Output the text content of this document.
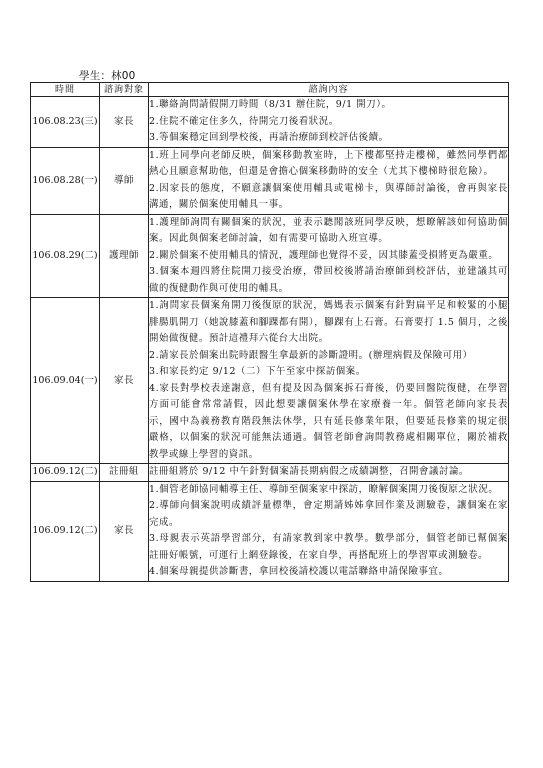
學生：林00
時間	諮詢對象	諮詢內容
106.08.23(三)	家長	1.聯絡詢問請假開刀時間（8/31 辦住院，9/1 開刀）。
2.住院不確定住多久，待開完刀後看狀況。
3.等個案穩定回到學校後，再請治療師到校評估後續。

106.08.28(一)	導師	1.班上同學向老師反映，個案移動教室時，上下樓都堅持走樓梯，雖然同學們都熱心且願意幫助他，但還是會擔心個案移動時的安全（尤其下樓梯時很危險）。
2.因家長的態度，不願意讓個案使用輔具或電梯卡，與導師討論後，會再與家長溝通，關於個案使用輔具一事。

106.08.29(二)	護理師	1.護理師詢問有關個案的狀況，並表示聽聞該班同學反映，想瞭解該如何協助個案。因此與個案老師討論，如有需要可協助入班宣導。
2.關於個案不使用輔具的情況，護理師也覺得不妥，因其膝蓋受損將更為嚴重。
3.個案本週四將住院開刀接受治療，帶回校後將請治療師到校評估，並建議其可做的復健動作與可使用的輔具。

106.09.04(一)	家長	1.詢問家長個案角開刀後復原的狀況，媽媽表示個案有針對扁平足和較緊的小腿腓腸肌開刀（她說膝蓋和腳踝都有開），腳踝有上石膏。石膏要打 1.5 個月，之後開始做復健。預計這禮拜六從台大出院。
2.請家長於個案出院時跟醫生拿最新的診斷證明。(辦理病假及保險可用）
3.和家長約定 9/12（二）下午至家中探訪個案。
4.家長對學校表達謝意，但有提及因為個案拆石膏後，仍要回醫院復健，在學習方面可能會常常請假，因此想要讓個案休學在家療養一年。個管老師向家長表示，國中為義務教育階段無法休學，只有延長修業年限，但要延長修業的規定很嚴格，以個案的狀況可能無法通過。個管老師會詢問教務處相關單位，關於補救教學或線上學習的資訊。

106.09.12(二)	註冊組	註冊組將於 9/12 中午針對個案請長期病假之成績調整，召開會議討論。

106.09.12(二)	家長	1.個管老師協同輔導主任、導師至個案家中探訪，瞭解個案開刀後復原之狀況。
2.導師向個案說明成績評量標準，會定期請姊姊拿回作業及測驗卷，讓個案在家完成。
3.母親表示英語學習部分，有請家教到家中教學。數學部分，個管老師已幫個案註冊好帳號，可運行上網登錄後，在家自學，再搭配班上的學習單或測驗卷。
4.個案母親提供診斷書，拿回校後請校護以電話聯絡申請保險事宜。
